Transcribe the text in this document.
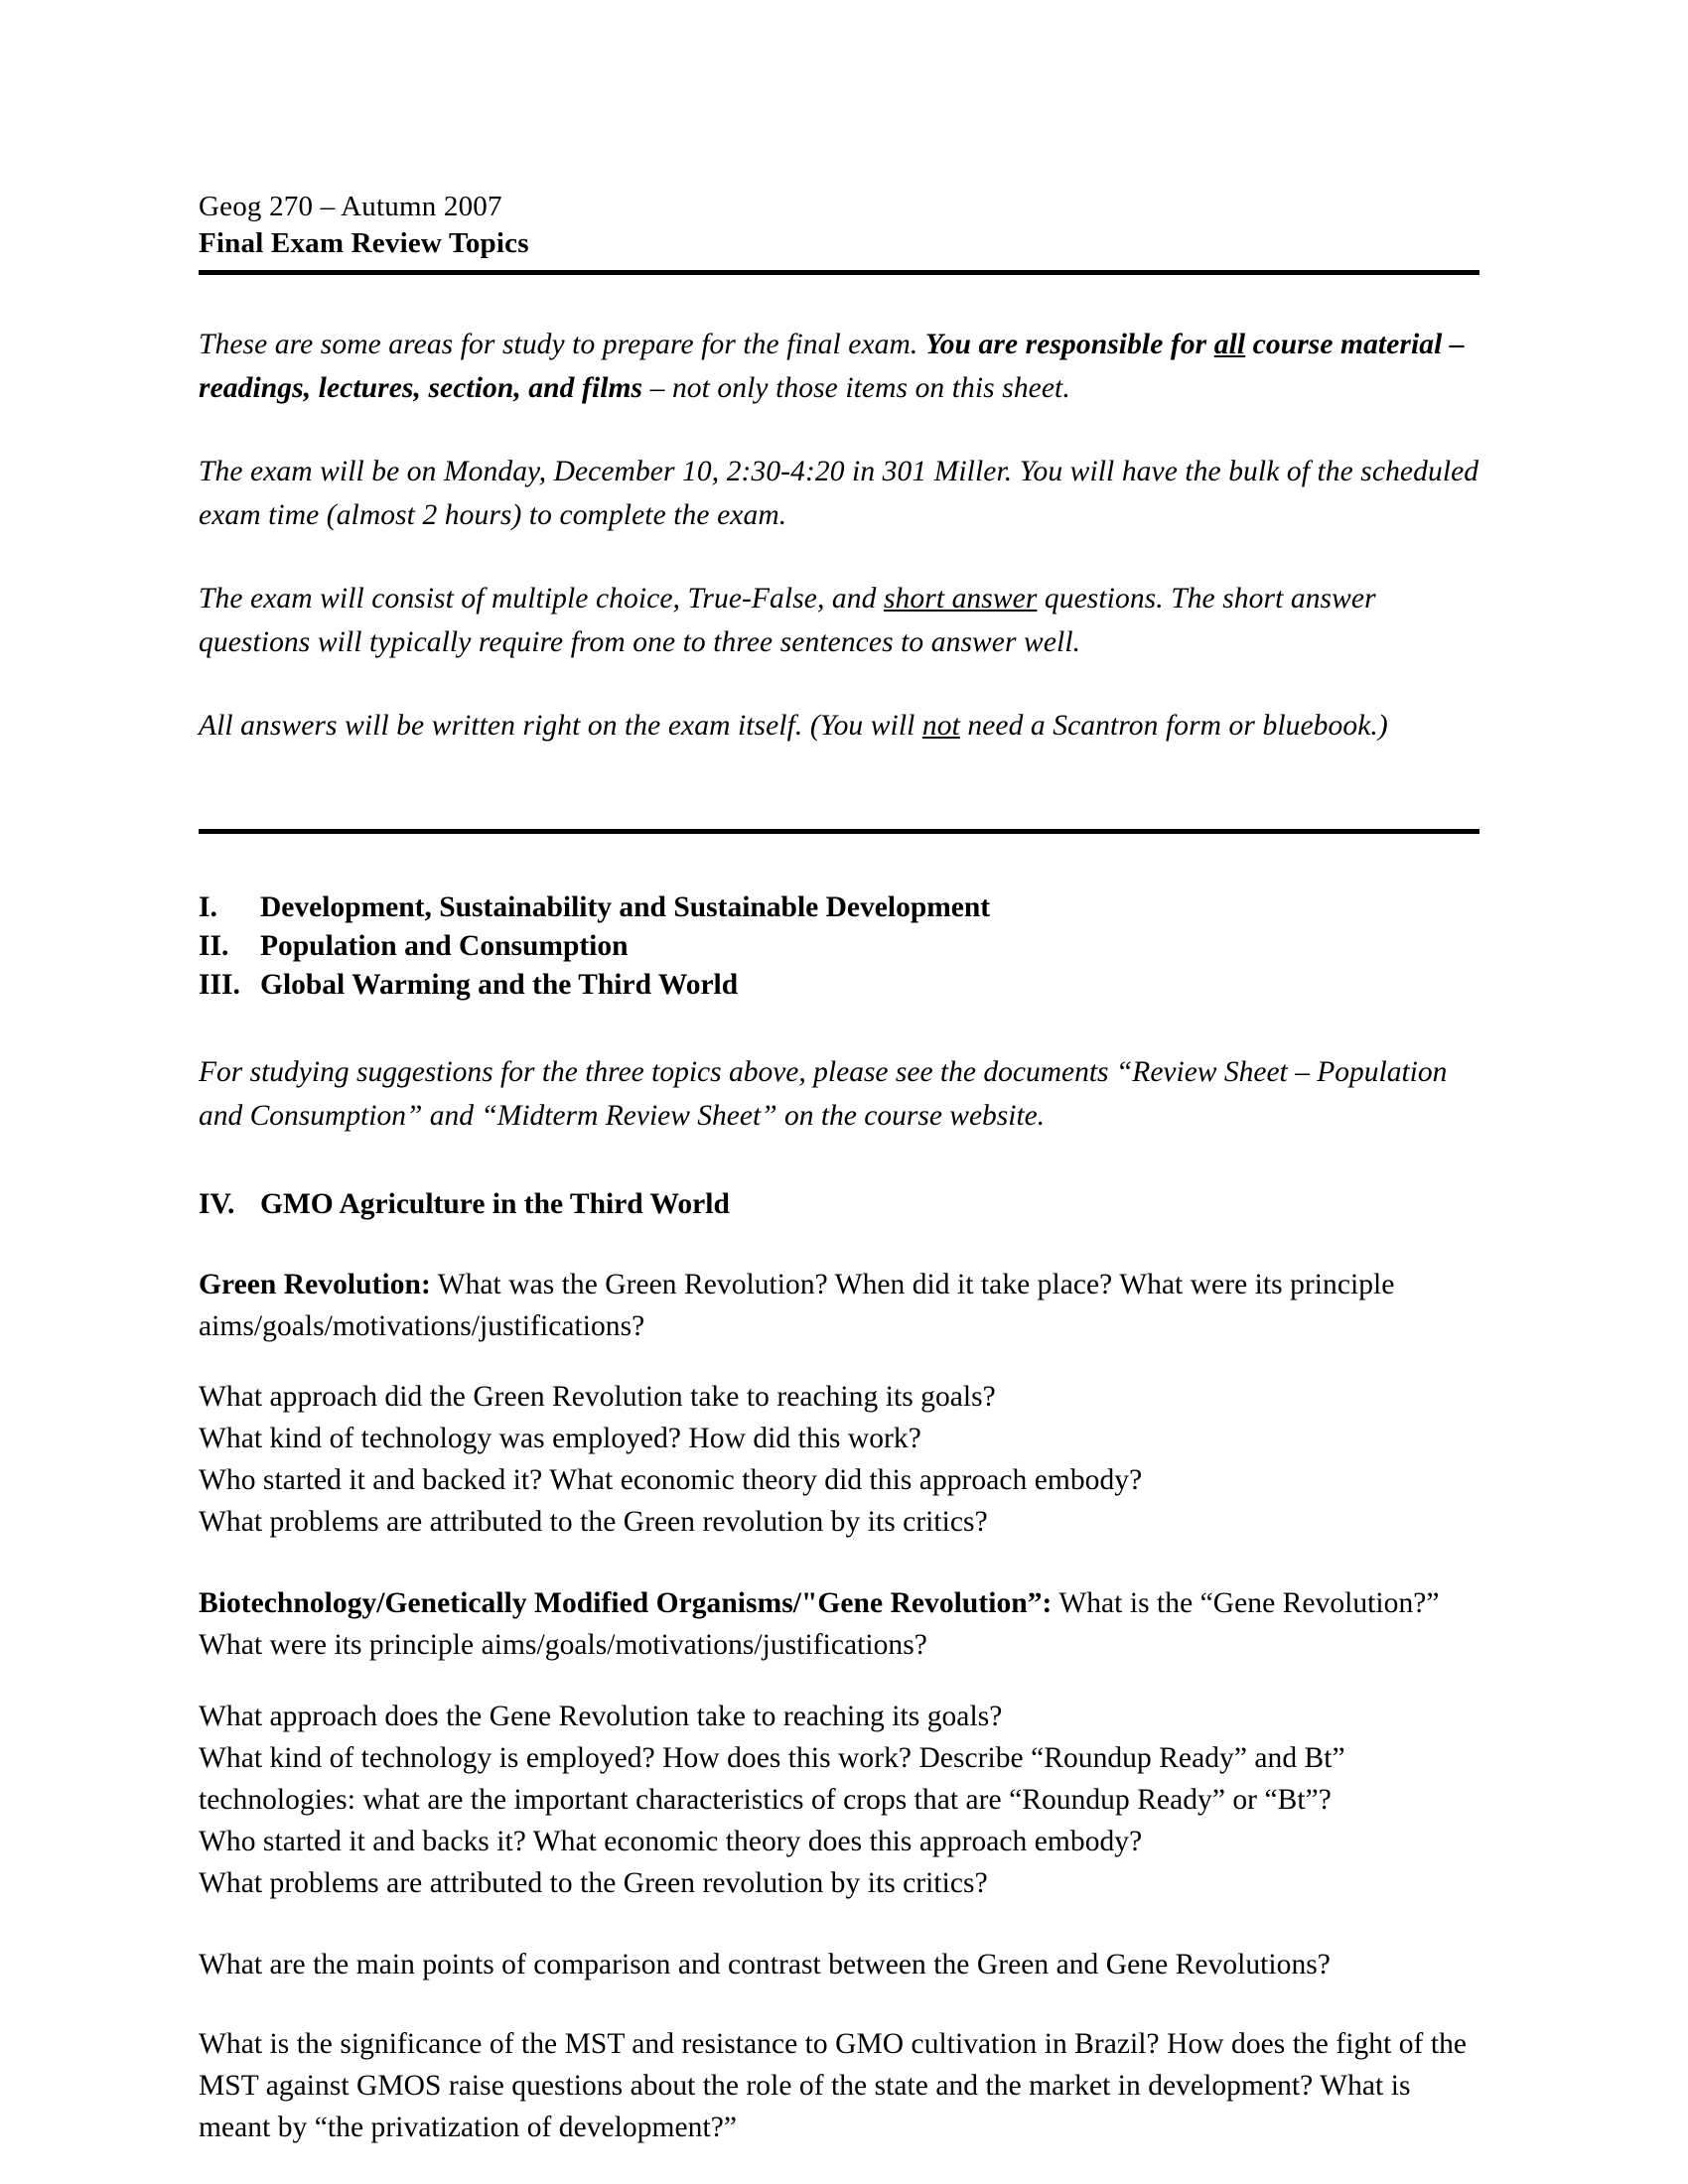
Geog 270 – Autumn 2007
Final Exam Review Topics

These are some areas for study to prepare for the final exam. You are responsible for all course material – readings, lectures, section, and films – not only those items on this sheet.

The exam will be on Monday, December 10, 2:30-4:20 in 301 Miller. You will have the bulk of the scheduled exam time (almost 2 hours) to complete the exam.

The exam will consist of multiple choice, True-False, and short answer questions. The short answer questions will typically require from one to three sentences to answer well.

All answers will be written right on the exam itself. (You will not need a Scantron form or bluebook.)

I.	Development, Sustainability and Sustainable Development
II.	Population and Consumption
III. Global Warming and the Third World

For studying suggestions for the three topics above, please see the documents “Review Sheet – Population and Consumption” and “Midterm Review Sheet” on the course website.

IV. GMO Agriculture in the Third World

Green Revolution: What was the Green Revolution? When did it take place? What were its principle aims/goals/motivations/justifications?

What approach did the Green Revolution take to reaching its goals?
What kind of technology was employed? How did this work?
Who started it and backed it? What economic theory did this approach embody?
What problems are attributed to the Green revolution by its critics?

Biotechnology/Genetically Modified Organisms/"Gene Revolution”: What is the “Gene Revolution?” What were its principle aims/goals/motivations/justifications?

What approach does the Gene Revolution take to reaching its goals?
What kind of technology is employed? How does this work? Describe “Roundup Ready” and Bt” technologies: what are the important characteristics of crops that are “Roundup Ready” or “Bt”?
Who started it and backs it? What economic theory does this approach embody?
What problems are attributed to the Green revolution by its critics?

What are the main points of comparison and contrast between the Green and Gene Revolutions?

What is the significance of the MST and resistance to GMO cultivation in Brazil? How does the fight of the MST against GMOS raise questions about the role of the state and the market in development? What is meant by “the privatization of development?”
